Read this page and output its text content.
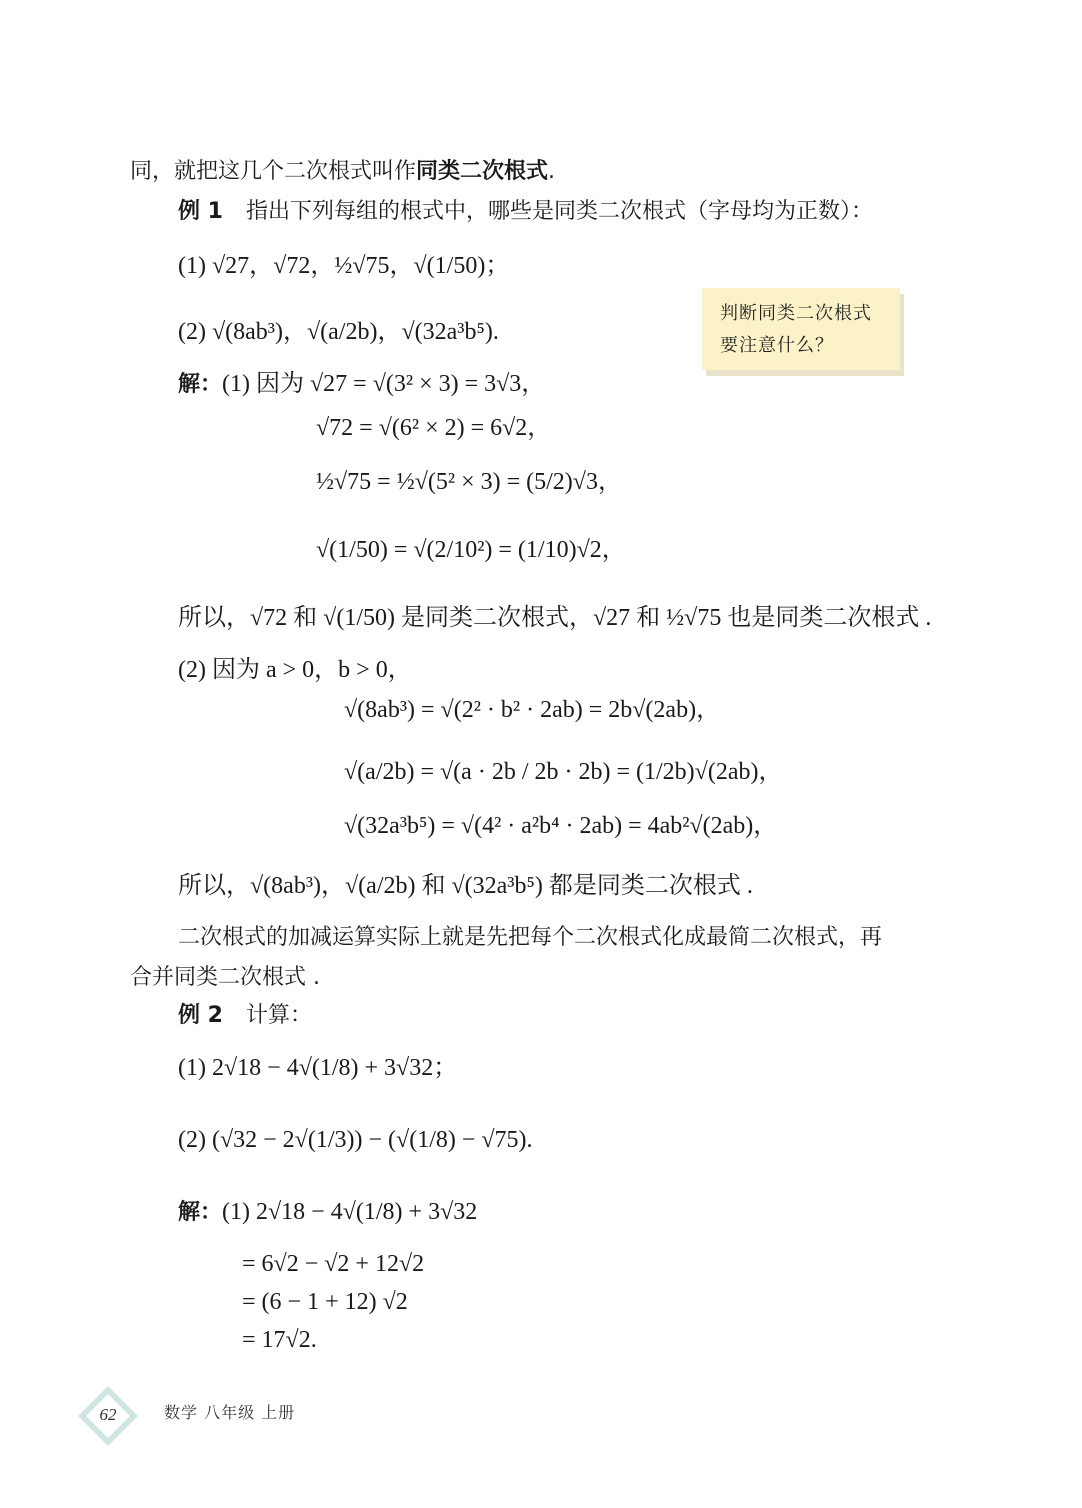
同，就把这几个二次根式叫作同类二次根式.
例 1 指出下列每组的根式中，哪些是同类二次根式（字母均为正数）：
(1) √27，√72，½√75，√(1/50)；
(2) √(8ab³)，√(a/2b)，√(32a³b⁵).
判断同类二次根式
要注意什么？
解：(1) 因为 √27 = √(3² × 3) = 3√3，
√72 = √(6² × 2) = 6√2，
½√75 = ½√(5² × 3) = (5/2)√3，
√(1/50) = √(2/10²) = (1/10)√2，
所以，√72 和 √(1/50) 是同类二次根式，√27 和 ½√75 也是同类二次根式 .
(2) 因为 a > 0，b > 0，
√(8ab³) = √(2² · b² · 2ab) = 2b√(2ab)，
√(a/2b) = √(a · 2b / 2b · 2b) = (1/2b)√(2ab)，
√(32a³b⁵) = √(4² · a²b⁴ · 2ab) = 4ab²√(2ab)，
所以，√(8ab³)，√(a/2b) 和 √(32a³b⁵) 都是同类二次根式 .
二次根式的加减运算实际上就是先把每个二次根式化成最简二次根式，再
合并同类二次根式 .
例 2 计算：
(1) 2√18 − 4√(1/8) + 3√32；
(2) (√32 − 2√(1/3)) − (√(1/8) − √75).
解：(1) 2√18 − 4√(1/8) + 3√32
= 6√2 − √2 + 12√2
= (6 − 1 + 12) √2
= 17√2.
62	数学 八年级 上册
